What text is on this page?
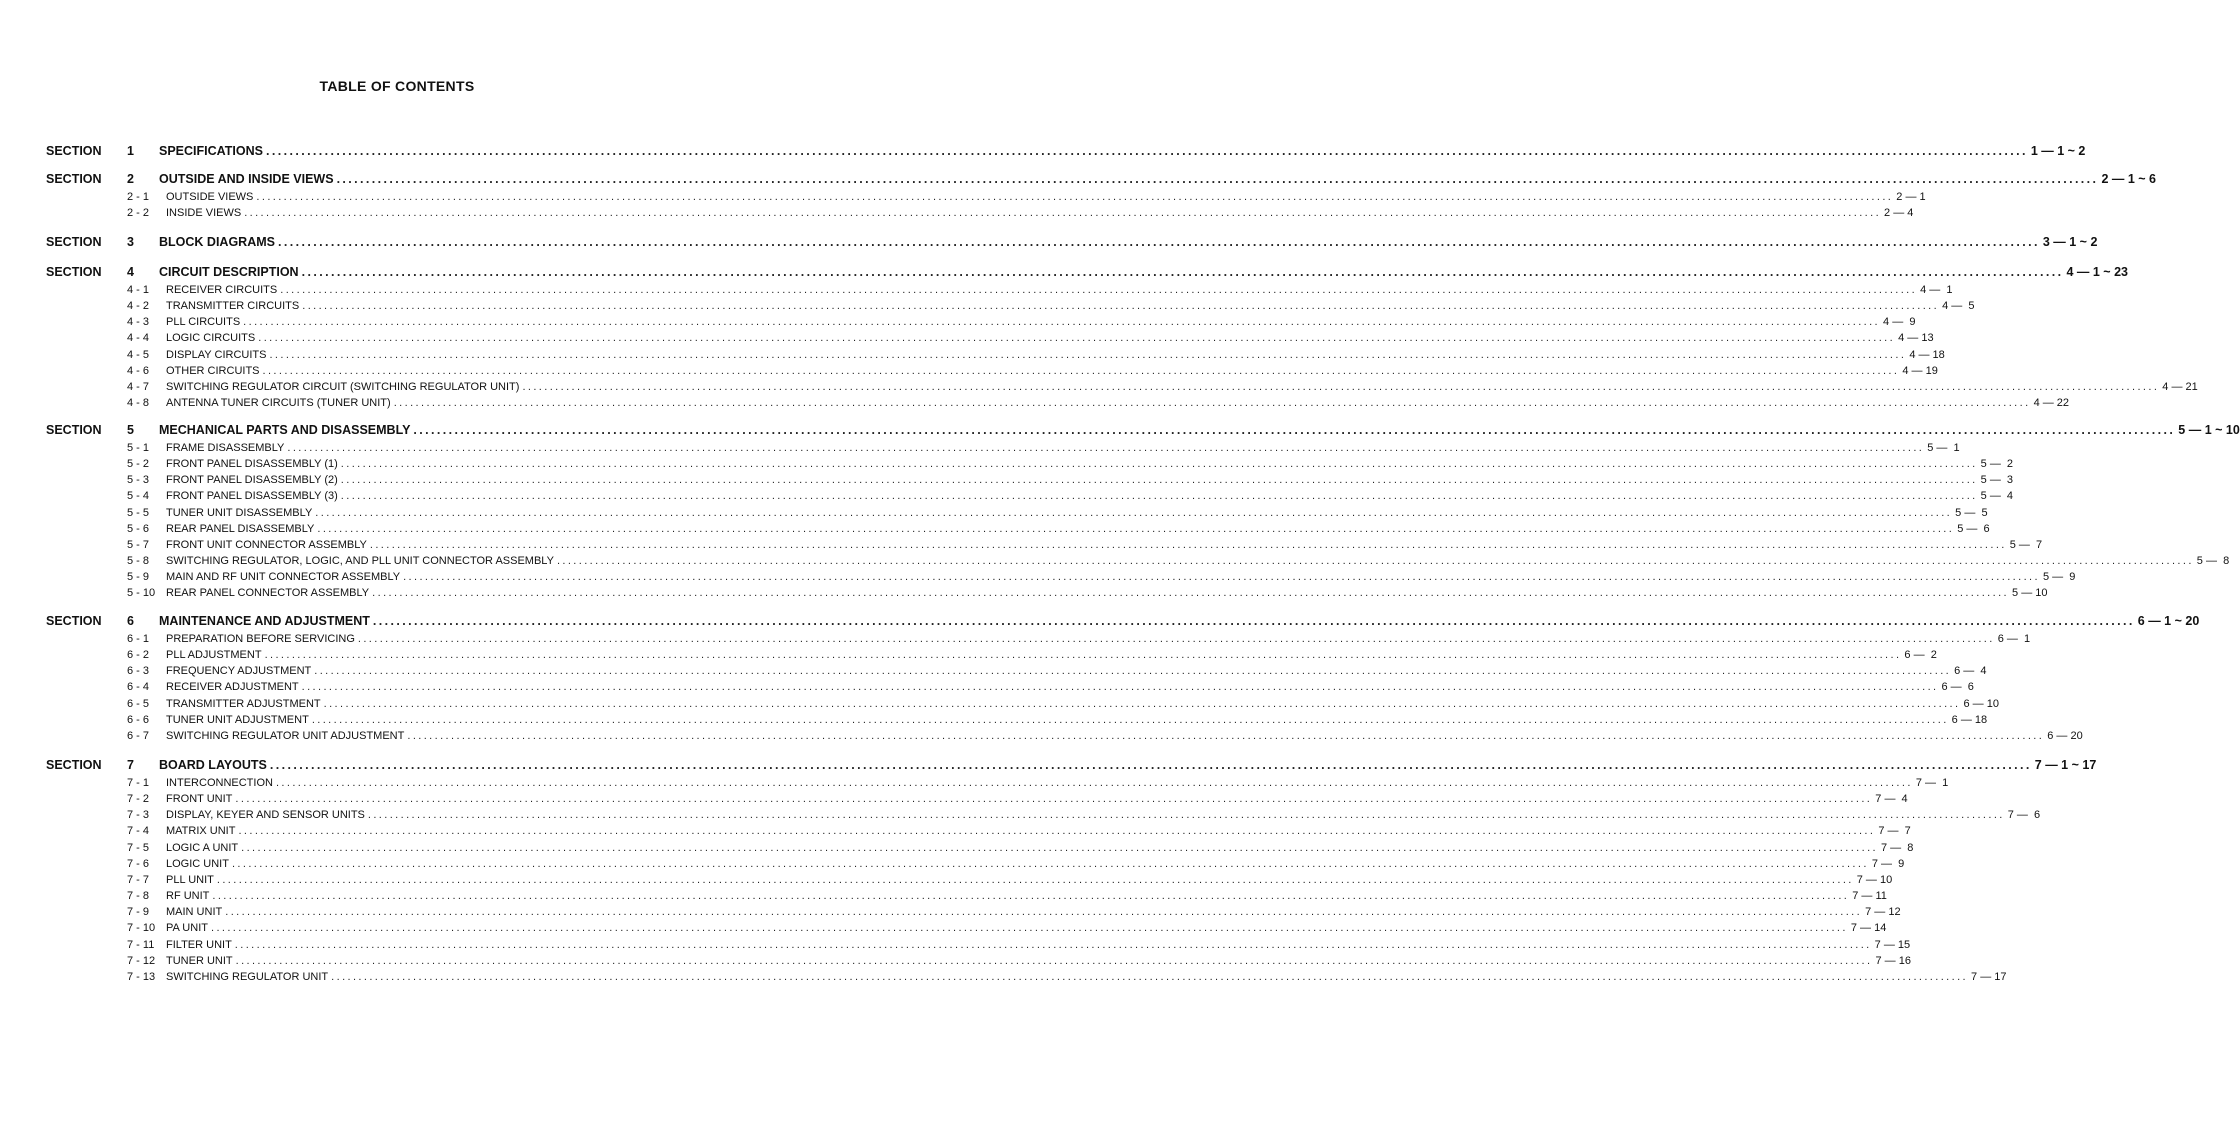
TABLE OF CONTENTS
SECTION 1 SPECIFICATIONS ............................................................................................................................................................................................................................................................................................................ 1 — 1 ~ 2
SECTION 2 OUTSIDE AND INSIDE VIEWS ............................................................................................................................................................................................................................................................................................................ 2 — 1 ~ 6
2 - 1 OUTSIDE VIEWS ............................................................................................................................................................................................................................................................................................................ 2 — 1
2 - 2 INSIDE VIEWS ............................................................................................................................................................................................................................................................................................................ 2 — 4
SECTION 3 BLOCK DIAGRAMS ............................................................................................................................................................................................................................................................................................................ 3 — 1 ~ 2
SECTION 4 CIRCUIT DESCRIPTION ............................................................................................................................................................................................................................................................................................................ 4 — 1 ~ 23
4 - 1 RECEIVER CIRCUITS ............................................................................................................................................................................................................................................................................................................ 4 —  1
4 - 2 TRANSMITTER CIRCUITS ............................................................................................................................................................................................................................................................................................................ 4 —  5
4 - 3 PLL CIRCUITS ............................................................................................................................................................................................................................................................................................................ 4 —  9
4 - 4 LOGIC CIRCUITS ............................................................................................................................................................................................................................................................................................................ 4 — 13
4 - 5 DISPLAY CIRCUITS ............................................................................................................................................................................................................................................................................................................ 4 — 18
4 - 6 OTHER CIRCUITS ............................................................................................................................................................................................................................................................................................................ 4 — 19
4 - 7 SWITCHING REGULATOR CIRCUIT (SWITCHING REGULATOR UNIT) ............................................................................................................................................................................................................................................................................................................ 4 — 21
4 - 8 ANTENNA TUNER CIRCUITS (TUNER UNIT) ............................................................................................................................................................................................................................................................................................................ 4 — 22
SECTION 5 MECHANICAL PARTS AND DISASSEMBLY ............................................................................................................................................................................................................................................................................................................ 5 — 1 ~ 10
5 - 1 FRAME DISASSEMBLY ............................................................................................................................................................................................................................................................................................................ 5 —  1
5 - 2 FRONT PANEL DISASSEMBLY (1) ............................................................................................................................................................................................................................................................................................................ 5 —  2
5 - 3 FRONT PANEL DISASSEMBLY (2) ............................................................................................................................................................................................................................................................................................................ 5 —  3
5 - 4 FRONT PANEL DISASSEMBLY (3) ............................................................................................................................................................................................................................................................................................................ 5 —  4
5 - 5 TUNER UNIT DISASSEMBLY ............................................................................................................................................................................................................................................................................................................ 5 —  5
5 - 6 REAR PANEL DISASSEMBLY ............................................................................................................................................................................................................................................................................................................ 5 —  6
5 - 7 FRONT UNIT CONNECTOR ASSEMBLY ............................................................................................................................................................................................................................................................................................................ 5 —  7
5 - 8 SWITCHING REGULATOR, LOGIC, AND PLL UNIT CONNECTOR ASSEMBLY ............................................................................................................................................................................................................................................................................................................ 5 —  8
5 - 9 MAIN AND RF UNIT CONNECTOR ASSEMBLY ............................................................................................................................................................................................................................................................................................................ 5 —  9
5 - 10 REAR PANEL CONNECTOR ASSEMBLY ............................................................................................................................................................................................................................................................................................................ 5 — 10
SECTION 6 MAINTENANCE AND ADJUSTMENT ............................................................................................................................................................................................................................................................................................................ 6 — 1 ~ 20
6 - 1 PREPARATION BEFORE SERVICING ............................................................................................................................................................................................................................................................................................................ 6 —  1
6 - 2 PLL ADJUSTMENT ............................................................................................................................................................................................................................................................................................................ 6 —  2
6 - 3 FREQUENCY ADJUSTMENT ............................................................................................................................................................................................................................................................................................................ 6 —  4
6 - 4 RECEIVER ADJUSTMENT ............................................................................................................................................................................................................................................................................................................ 6 —  6
6 - 5 TRANSMITTER ADJUSTMENT ............................................................................................................................................................................................................................................................................................................ 6 — 10
6 - 6 TUNER UNIT ADJUSTMENT ............................................................................................................................................................................................................................................................................................................ 6 — 18
6 - 7 SWITCHING REGULATOR UNIT ADJUSTMENT ............................................................................................................................................................................................................................................................................................................ 6 — 20
SECTION 7 BOARD LAYOUTS ............................................................................................................................................................................................................................................................................................................ 7 — 1 ~ 17
7 - 1 INTERCONNECTION ............................................................................................................................................................................................................................................................................................................ 7 —  1
7 - 2 FRONT UNIT ............................................................................................................................................................................................................................................................................................................ 7 —  4
7 - 3 DISPLAY, KEYER AND SENSOR UNITS ............................................................................................................................................................................................................................................................................................................ 7 —  6
7 - 4 MATRIX UNIT ............................................................................................................................................................................................................................................................................................................ 7 —  7
7 - 5 LOGIC A UNIT ............................................................................................................................................................................................................................................................................................................ 7 —  8
7 - 6 LOGIC UNIT ............................................................................................................................................................................................................................................................................................................ 7 —  9
7 - 7 PLL UNIT ............................................................................................................................................................................................................................................................................................................ 7 — 10
7 - 8 RF UNIT ............................................................................................................................................................................................................................................................................................................ 7 — 11
7 - 9 MAIN UNIT ............................................................................................................................................................................................................................................................................................................ 7 — 12
7 - 10 PA UNIT ............................................................................................................................................................................................................................................................................................................ 7 — 14
7 - 11 FILTER UNIT ............................................................................................................................................................................................................................................................................................................ 7 — 15
7 - 12 TUNER UNIT ............................................................................................................................................................................................................................................................................................................ 7 — 16
7 - 13 SWITCHING REGULATOR UNIT ............................................................................................................................................................................................................................................................................................................ 7 — 17
